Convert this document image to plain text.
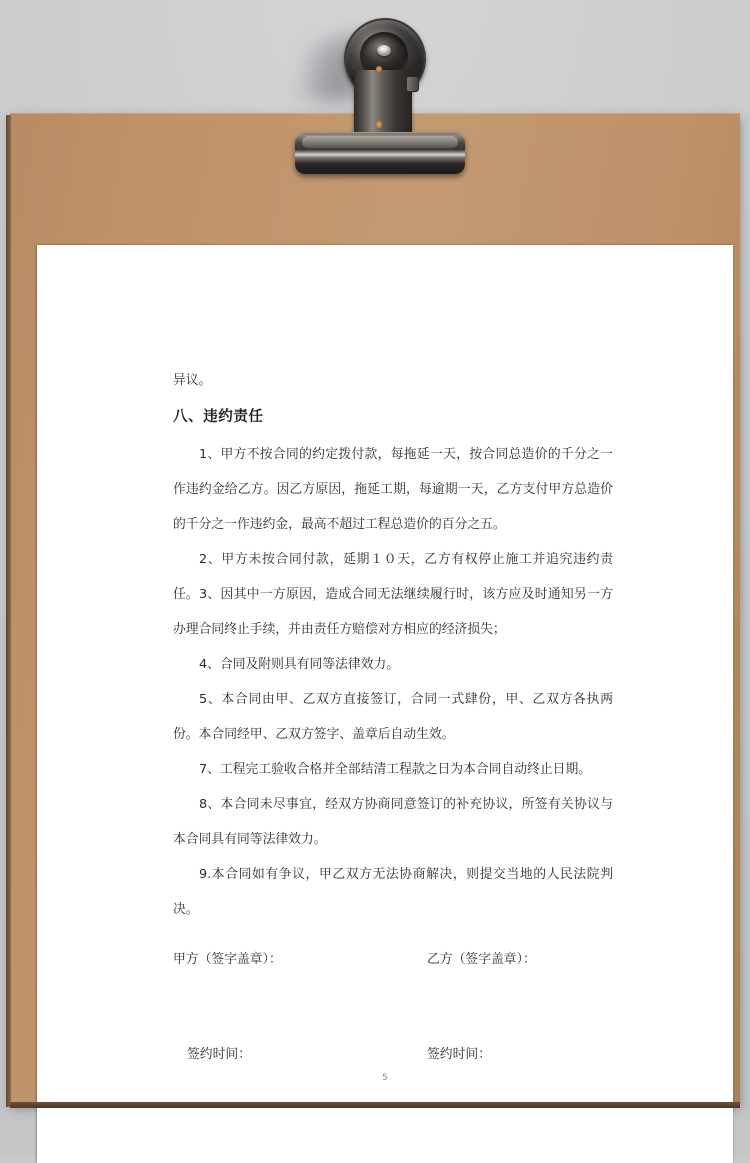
异议。
八、违约责任
1、甲方不按合同的约定拨付款，每拖延一天，按合同总造价的千分之一作违约金给乙方。因乙方原因，拖延工期，每逾期一天，乙方支付甲方总造价的千分之一作违约金，最高不超过工程总造价的百分之五。
2、甲方未按合同付款，延期１０天，乙方有权停止施工并追究违约责任。 3、因其中一方原因，造成合同无法继续履行时，该方应及时通知另一方办理合同终止手续，并由责任方赔偿对方相应的经济损失；
4、合同及附则具有同等法律效力。
5、本合同由甲、乙双方直接签订，合同一式肆份，甲、乙双方各执两份。本合同经甲、乙双方签字、盖章后自动生效。
7、工程完工验收合格并全部结清工程款之日为本合同自动终止日期。
8、本合同未尽事宜，经双方协商同意签订的补充协议，所签有关协议与本合同具有同等法律效力。
9.本合同如有争议，甲乙双方无法协商解决，则提交当地的人民法院判决。
甲方（签字盖章）：	乙方（签字盖章）：
签约时间：	签约时间：
5
